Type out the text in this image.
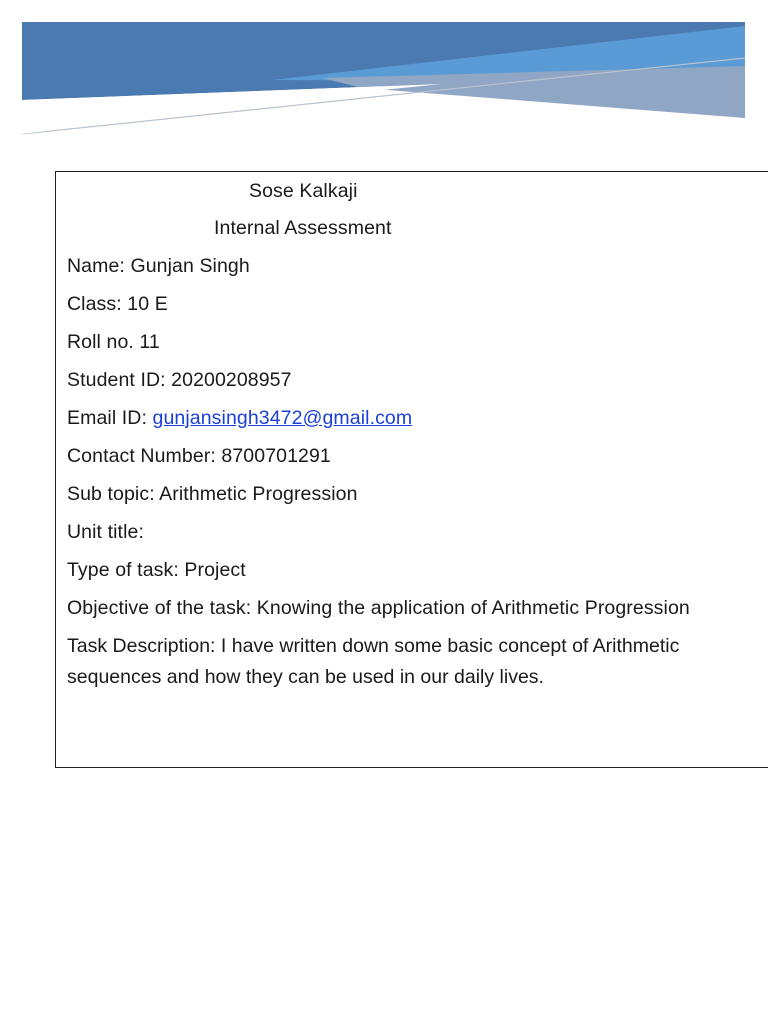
Sose Kalkaji
Internal Assessment
Name: Gunjan Singh
Class: 10 E
Roll no. 11
Student ID: 20200208957
Email ID: gunjansingh3472@gmail.com
Contact Number: 8700701291
Sub topic: Arithmetic Progression
Unit title:
Type of task: Project
Objective of the task: Knowing the application of Arithmetic Progression
Task Description: I have written down some basic concept of Arithmetic sequences and how they can be used in our daily lives.
